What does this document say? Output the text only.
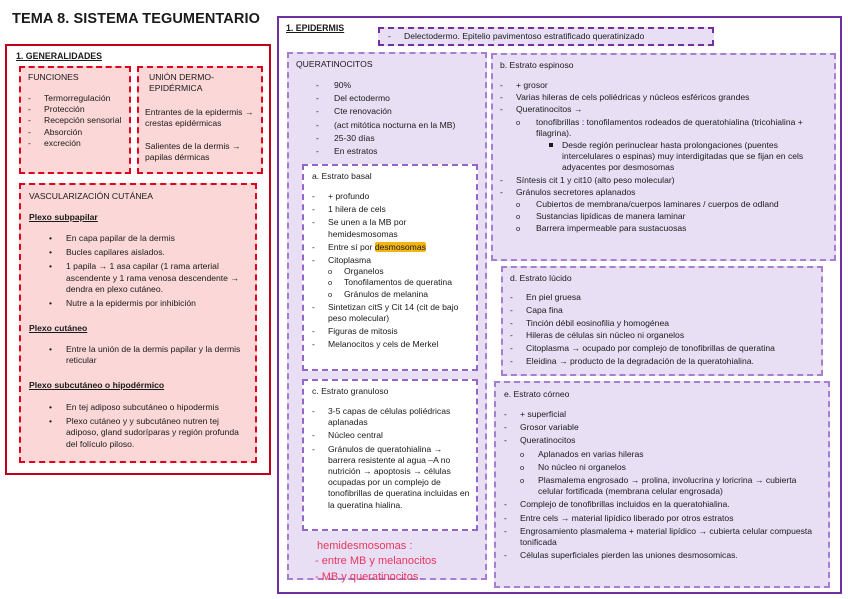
TEMA 8. SISTEMA TEGUMENTARIO
1. GENERALIDADES
FUNCIONES
- Termorregulación
- Protección
- Recepción sensorial
- Absorción
- excreción
UNIÓN DERMO-EPIDÉRMICA
Entrantes de la epidermis → crestas epidérmicas
Salientes de la dermis → papilas dérmicas
VASCULARIZACIÓN CUTÁNEA
Plexo subpapilar
• En capa papilar de la dermis
• Bucles capilares aislados.
• 1 papila → 1 asa capilar (1 rama arterial ascendente y 1 rama venosa descendente → dendra en plexo cutáneo.
• Nutre a la epidermis por inhibición
Plexo cutáneo
• Entre la unión de la dermis papilar y la dermis reticular
Plexo subcutáneo o hipodérmico
• En tej adiposo subcutáneo o hipodermis
• Plexo cutáneo y y subcutáneo nutren tej adiposo, gland sudoríparas y región profunda del folículo piloso.
1. EPIDERMIS
- Delectodermo. Epitelio pavimentoso estratificado queratinizado
QUERATINOCITOS
- 90%
- Del ectodermo
- Cte renovación
- (act mitótica nocturna en la MB)
- 25-30 días
- En estratos
a. Estrato basal
- + profundo
- 1 hilera de cels
- Se unen a la MB por hemidesmosomas
- Entre sí por desmosomas
- Citoplasma
o Organelos
o Tonofilamentos de queratina
o Gránulos de melanina
- Sintetizan citS y Cit 14 (cit de bajo peso molecular)
- Figuras de mitosis
- Melanocitos y cels de Merkel
c. Estrato granuloso
- 3-5 capas de células poliédricas aplanadas
- Núcleo central
- Gránulos de queratohialina → barrera resistente al agua –A no nutrición → apoptosis → células ocupadas por un complejo de tonofibrillas de queratina incluidas en la queratina hialina.
hemidesmosomas :
- entre MB y melanocitos
- MB y queratinocitos
b. Estrato espinoso
- + grosor
- Varias hileras de cels poliédricas y núcleos esféricos grandes
- Queratinocitos →
o tonofibrillas : tonofilamentos rodeados de queratohialina (tricohialina + filagrina).
Desde región perinuclear hasta prolongaciones (puentes intercelulares o espinas) muy interdigitadas que se fijan en cels adyacentes por desmosomas
- Síntesis cit 1 y cit10 (alto peso molecular)
- Gránulos secretores aplanados
o Cubiertos de membrana/cuerpos laminares / cuerpos de odland
o Sustancias lipídicas de manera laminar
o Barrera impermeable para sustacuosas
d. Estrato lúcido
- En piel gruesa
- Capa fina
- Tinción débil eosinofilia y homogénea
- Hileras de células sin núcleo ni organelos
- Citoplasma → ocupado por complejo de tonofibrillas de queratina
- Eleidina → producto de la degradación de la queratohialina.
e. Estrato córneo
- + superficial
- Grosor variable
- Queratinocitos
o Aplanados en varias hileras
o No núcleo ni organelos
o Plasmalema engrosado → prolina, involucrina y loricrina → cubierta celular fortificada (membrana celular engrosada)
- Complejo de tonofibrillas incluidos en la queratohialina.
- Entre cels → material lipídico liberado por otros estratos
- Engrosamiento plasmalema + material lipídico → cubierta celular compuesta tonificada
- Células superficiales pierden las uniones desmosomicas.
